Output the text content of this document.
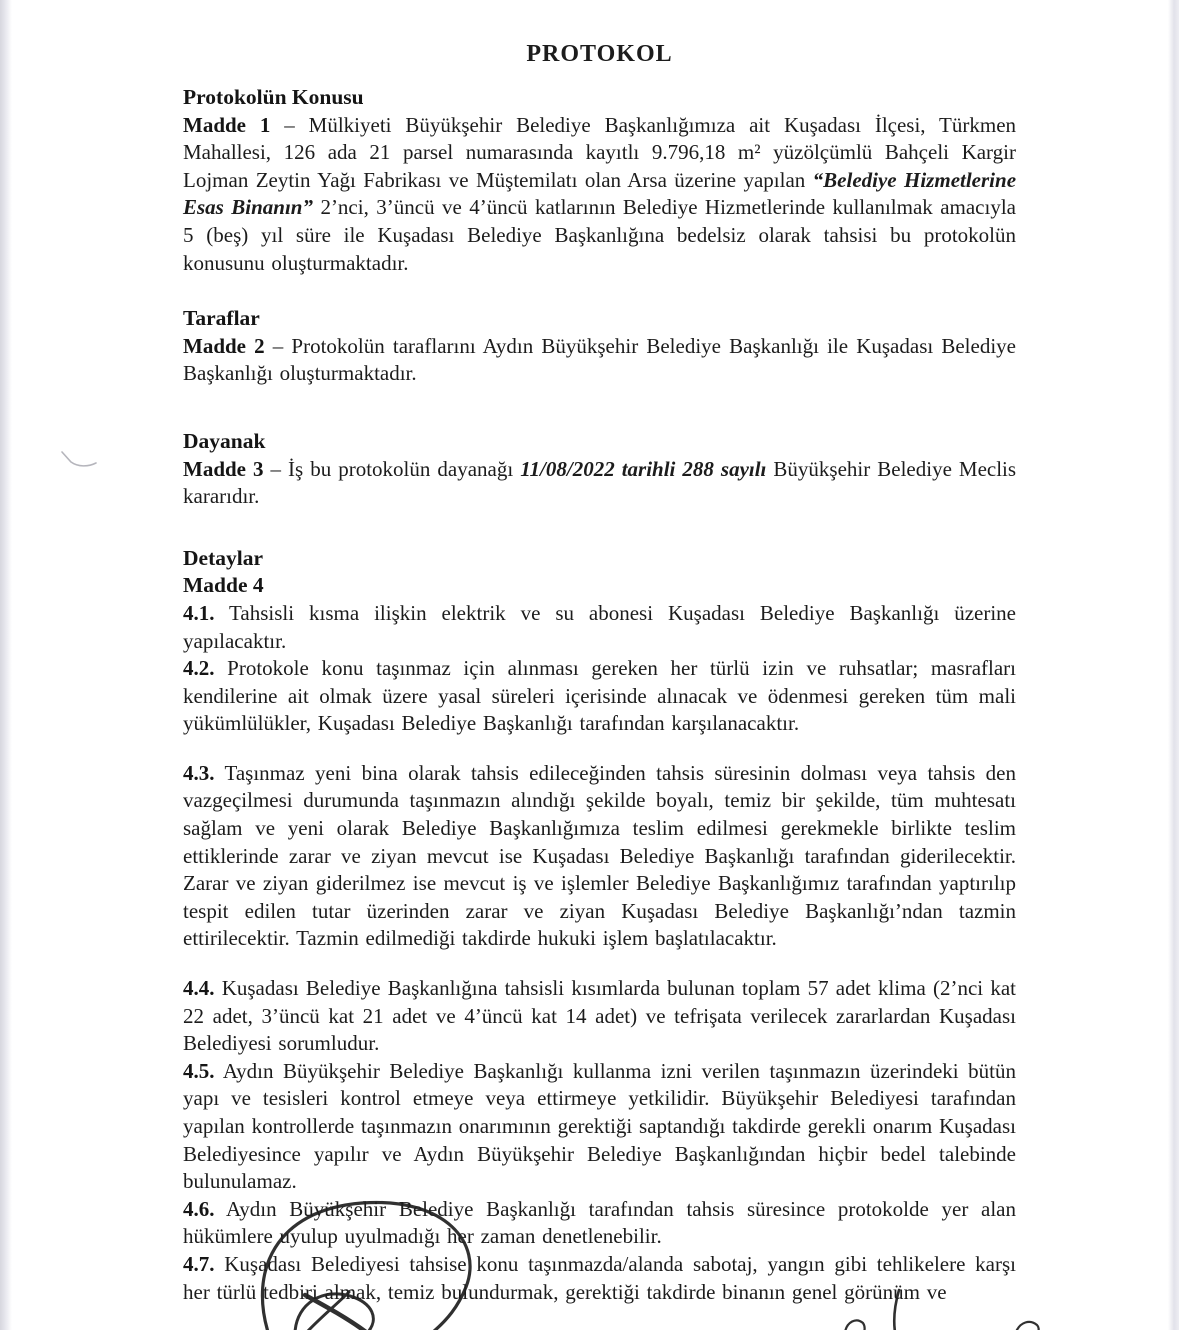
PROTOKOL
Protokolün Konusu

Madde 1 – Mülkiyeti Büyükşehir Belediye Başkanlığımıza ait Kuşadası İlçesi, Türkmen Mahallesi, 126 ada 21 parsel numarasında kayıtlı 9.796,18 m² yüzölçümlü Bahçeli Kargir Lojman Zeytin Yağı Fabrikası ve Müştemilatı olan Arsa üzerine yapılan “Belediye Hizmetlerine Esas Binanın” 2’nci, 3’üncü ve 4’üncü katlarının Belediye Hizmetlerinde kullanılmak amacıyla 5 (beş) yıl süre ile Kuşadası Belediye Başkanlığına bedelsiz olarak tahsisi bu protokolün konusunu oluşturmaktadır.

Taraflar

Madde 2 – Protokolün taraflarını Aydın Büyükşehir Belediye Başkanlığı ile Kuşadası Belediye Başkanlığı oluşturmaktadır.

Dayanak

Madde 3 – İş bu protokolün dayanağı 11/08/2022 tarihli 288 sayılı Büyükşehir Belediye Meclis kararıdır.

Detaylar
Madde 4

4.1. Tahsisli kısma ilişkin elektrik ve su abonesi Kuşadası Belediye Başkanlığı üzerine yapılacaktır.

4.2. Protokole konu taşınmaz için alınması gereken her türlü izin ve ruhsatlar; masrafları kendilerine ait olmak üzere yasal süreleri içerisinde alınacak ve ödenmesi gereken tüm mali yükümlülükler, Kuşadası Belediye Başkanlığı tarafından karşılanacaktır.

4.3. Taşınmaz yeni bina olarak tahsis edileceğinden tahsis süresinin dolması veya tahsis den vazgeçilmesi durumunda taşınmazın alındığı şekilde boyalı, temiz bir şekilde, tüm muhtesatı sağlam ve yeni olarak Belediye Başkanlığımıza teslim edilmesi gerekmekle birlikte teslim ettiklerinde zarar ve ziyan mevcut ise Kuşadası Belediye Başkanlığı tarafından giderilecektir. Zarar ve ziyan giderilmez ise mevcut iş ve işlemler Belediye Başkanlığımız tarafından yaptırılıp tespit edilen tutar üzerinden zarar ve ziyan Kuşadası Belediye Başkanlığı’ndan tazmin ettirilecektir. Tazmin edilmediği takdirde hukuki işlem başlatılacaktır.

4.4. Kuşadası Belediye Başkanlığına tahsisli kısımlarda bulunan toplam 57 adet klima (2’nci kat 22 adet, 3’üncü kat 21 adet ve 4’üncü kat 14 adet) ve tefrişata verilecek zararlardan Kuşadası Belediyesi sorumludur.

4.5. Aydın Büyükşehir Belediye Başkanlığı kullanma izni verilen taşınmazın üzerindeki bütün yapı ve tesisleri kontrol etmeye veya ettirmeye yetkilidir. Büyükşehir Belediyesi tarafından yapılan kontrollerde taşınmazın onarımının gerektiği saptandığı takdirde gerekli onarım Kuşadası Belediyesince yapılır ve Aydın Büyükşehir Belediye Başkanlığından hiçbir bedel talebinde bulunulamaz.

4.6. Aydın Büyükşehir Belediye Başkanlığı tarafından tahsis süresince protokolde yer alan hükümlere uyulup uyulmadığı her zaman denetlenebilir.

4.7. Kuşadası Belediyesi tahsise konu taşınmazda/alanda sabotaj, yangın gibi tehlikelere karşı her türlü tedbiri almak, temiz bulundurmak, gerektiği takdirde binanın genel görünüm ve
